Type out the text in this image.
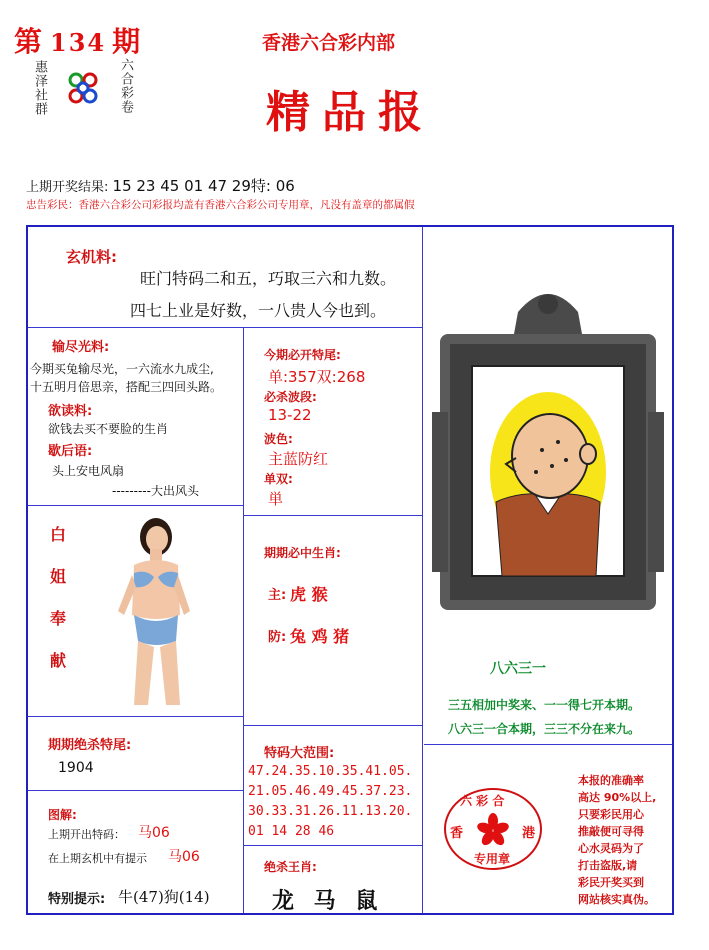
第 134 期
惠泽社群	六合彩卷
香港六合彩内部
精品报
上期开奖结果: 15 23 45 01 47 29特: 06
忠告彩民：香港六合彩公司彩报均盖有香港六合彩公司专用章，凡没有盖章的都属假
玄机料:
旺门特码二和五，巧取三六和九数。
四七上业是好数，一八贵人今也到。
输尽光料:
今期买兔输尽光，一六流水九成尘,
十五明月倍思亲，搭配三四回头路。
欲读料:
欲钱去买不要脸的生肖
歇后语:
头上安电风扇
---------大出风头
白
姐
奉
献
今期必开特尾:
单:357双:268
必杀波段:
13-22
波色:
主蓝防红
单双:
単
期期必中生肖:
主: 虎 猴
防: 兔 鸡 猪
八六三一
三五相加中奖来、一一得七开本期。
八六三一合本期，三三不分在来九。
期期绝杀特尾:
1904
特码大范围:
47.24.35.10.35.41.05.
21.05.46.49.45.37.23.
30.33.31.26.11.13.20.
01 14 28 46
六 彩 合
香	港
专用章
本报的准确率
高达 90%以上,
只要彩民用心
推敲便可寻得
心水灵码为了
打击盗版,请
彩民开奖买到
网站核实真伪。
图解:
上期开出特码： 马06
在上期玄机中有提示 马06
特别提示: 牛(47)狗(14)
绝杀王肖:
龙 马 鼠
